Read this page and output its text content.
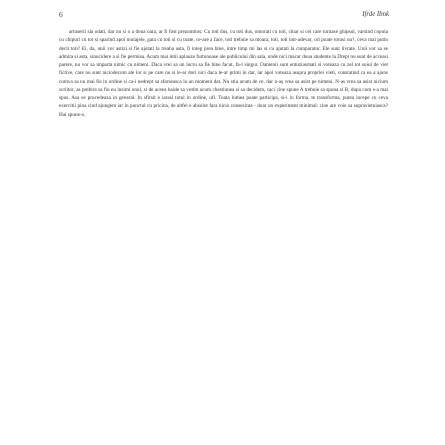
6	Ifrde Ibnk
artuserii sla odati, dar nu si o a doua oara, ar fi fost prezumtios: Cu toti dus, cu toti dus, omorati cu toti, chiar si cel care turnase ghipsul, varsind copula cu chipuri cu tot si sparind apoi mulajele, gata cu toti si cu toate, ce-are a face, toti trebuie sa moara, toti, toti intr-adevar, ori poate totusi nu?, ceva mai putin decit toti? Ei, da, unii vor astizi si fie ajutati la treaba asta, fi integ prea bine, intre timp mi las si cu ajutati la cumparatur. Ele sunt livrate. Unii vor sa se admita si asta, sinucidere a si fie permisa. Acum mai intii aplauze furtunoase ale publicului din sala, unde nici macar doua studente la Drept nu sunt de acceasi parere, nu vor sa imparta nimic cu nimeni. Daca vrei sa un lucru sa fie bine facut, fa-l singur. Oamenii sunt entuziasmati si voteaza cu zel tot soiul de viet fictive, care nu sunt niciodecum ale lor si pe care nu si le-ar dori nici daca le-ar primi in dar, iar apoi voteaza asupra propriei vieti, constatind ca ea a ajuns cumva sa nu mai fie in ordine si ca-i nedrept sa sfarseasca la un moment dat. Nu stiu acum de ce, dar n-aş vrea sa asist pe nimeni. N-as vrea sa asist nicium scriitor, as prefera sa fiu eu insimi unul, si de aceea haide sa votim acum chestiunea si sa decidem, caci cine spune A trebuie sa spuna si B, dupa cum s-a mai spus. Asa se procedeaza in general. In sfirsit e iarasi totul in ordine, ufl. Toata lumea poate participa, si-i in forma, te transforma, putea incepe cu ceva exercitii pina cind ajungem iar in punctul cu pricina, de altfel e absolut fara nicio consecinta - doar un experiment minimal: cine are voie sa supravietuiasca? Hai spune-o,
